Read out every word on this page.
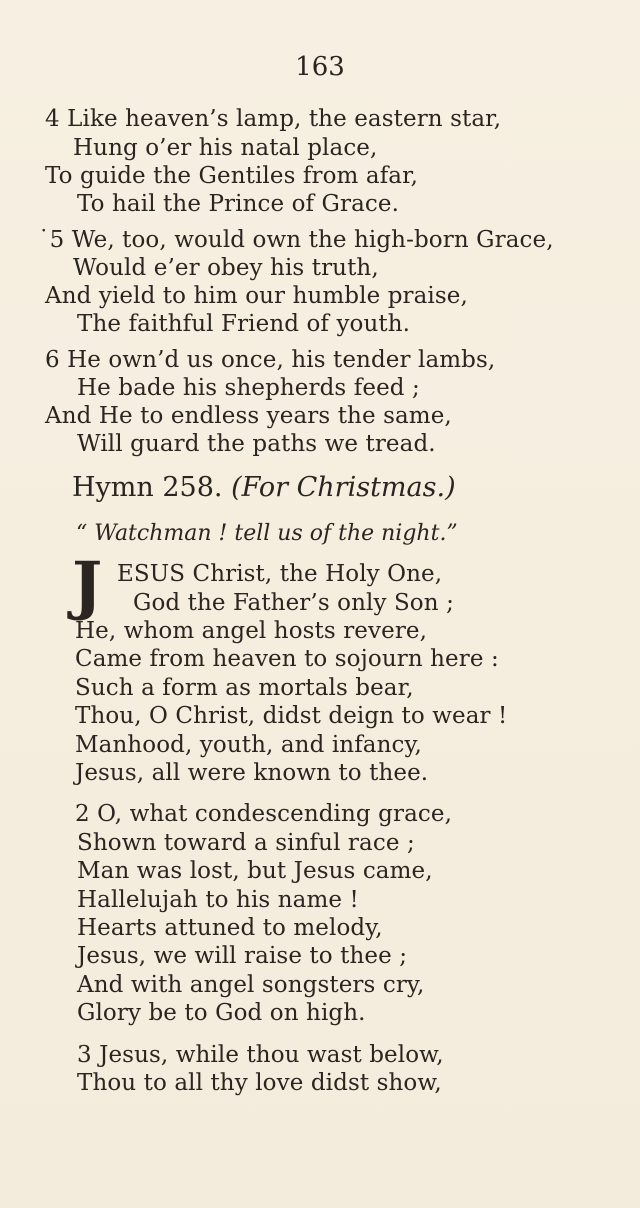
163
4 Like heaven’s lamp, the eastern star,
Hung o’er his natal place,
To guide the Gentiles from afar,
To hail the Prince of Grace.
˙5 We, too, would own the high-born Grace,
Would e’er obey his truth,
And yield to him our humble praise,
The faithful Friend of youth.
6 He own’d us once, his tender lambs,
He bade his shepherds feed ;
And He to endless years the same,
Will guard the paths we tread.
Hymn 258. (For Christmas.)
“ Watchman ! tell us of the night.”
J ESUS Christ, the Holy One,
God the Father’s only Son ;
He, whom angel hosts revere,
Came from heaven to sojourn here :
Such a form as mortals bear,
Thou, O Christ, didst deign to wear !
Manhood, youth, and infancy,
Jesus, all were known to thee.
2 O, what condescending grace,
Shown toward a sinful race ;
Man was lost, but Jesus came,
Hallelujah to his name !
Hearts attuned to melody,
Jesus, we will raise to thee ;
And with angel songsters cry,
Glory be to God on high.
3 Jesus, while thou wast below,
Thou to all thy love didst show,
